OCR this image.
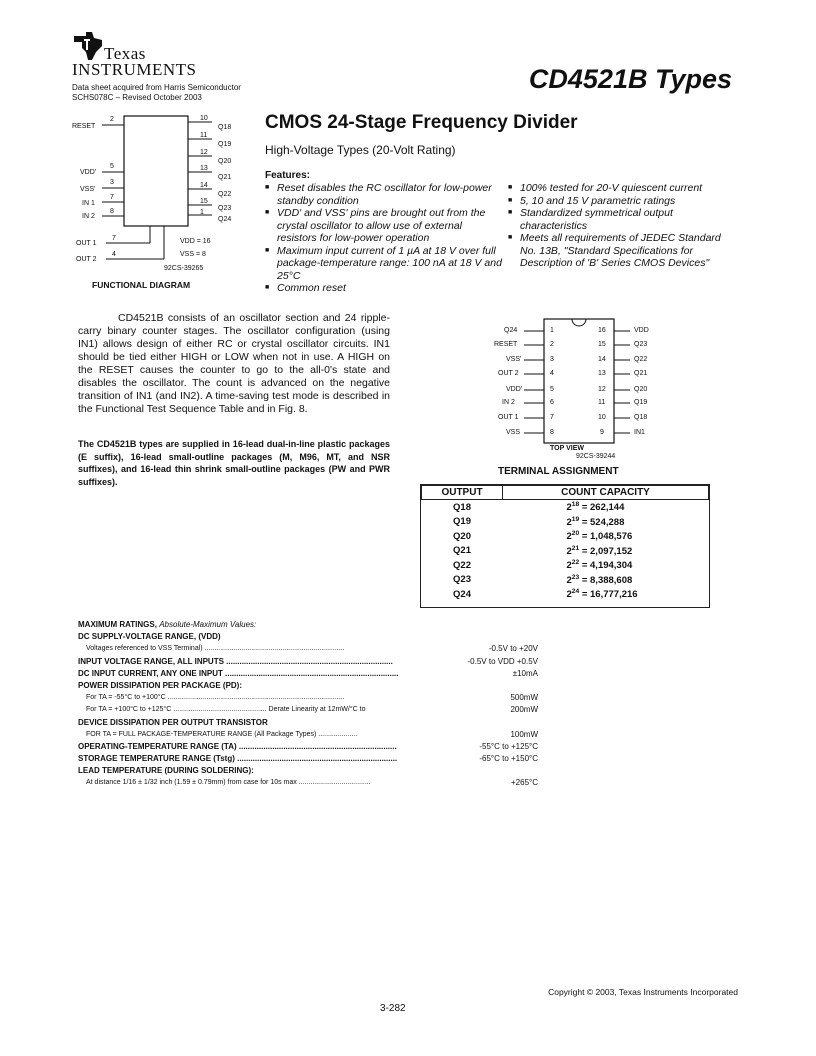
Texas
INSTRUMENTS
Data sheet acquired from Harris Semiconductor
SCHS078C – Revised October 2003
CD4521B Types
RESET
2
VDD'
5
VSS'
3
IN 1
7
IN 2
8
10
Q18
11
Q19
12
Q20
13
Q21
14
Q22
15
Q23
1
Q24
OUT 1
7
OUT 2
4
VDD = 16
VSS = 8
92CS-39265
FUNCTIONAL DIAGRAM
CMOS 24-Stage Frequency Divider
High-Voltage Types (20-Volt Rating)
Features:
■ Reset disables the RC oscillator for low-power standby condition
■ VDD' and VSS' pins are brought out from the crystal oscillator to allow use of external resistors for low-power operation
■ Maximum input current of 1 µA at 18 V over full package-temperature range: 100 nA at 18 V and 25°C
■ Common reset
■ 100% tested for 20-V quiescent current
■ 5, 10 and 15 V parametric ratings
■ Standardized symmetrical output characteristics
■ Meets all requirements of JEDEC Standard No. 13B, "Standard Specifications for Description of 'B' Series CMOS Devices"
CD4521B consists of an oscillator section and 24 ripple-carry binary counter stages. The oscillator configuration (using IN1) allows design of either RC or crystal oscillator circuits. IN1 should be tied either HIGH or LOW when not in use. A HIGH on the RESET causes the counter to go to the all-0's state and disables the oscillator. The count is advanced on the negative transition of IN1 (and IN2). A time-saving test mode is described in the Functional Test Sequence Table and in Fig. 8.
The CD4521B types are supplied in 16-lead dual-in-line plastic packages (E suffix), 16-lead small-outline packages (M, M96, MT, and NSR suffixes), and 16-lead thin shrink small-outline packages (PW and PWR suffixes).
Q24	1
RESET	2
VSS'	3
OUT 2	4
VDD'	5
IN 2	6
OUT 1	7
VSS	8
16	VDD
15	Q23
14	Q22
13	Q21
12	Q20
11	Q19
10	Q18
9	IN1
TOP VIEW
92CS-39244
TERMINAL ASSIGNMENT
OUTPUT	COUNT CAPACITY
Q18	$2^{18} = 262,144$
Q19	$2^{19} = 524,288$
Q20	$2^{20} = 1,048,576$
Q21	$2^{21} = 2,097,152$
Q22	$2^{22} = 4,194,304$
Q23	$2^{23} = 8,388,608$
Q24	$2^{24} = 16,777,216$
MAXIMUM RATINGS, Absolute-Maximum Values:
DC SUPPLY-VOLTAGE RANGE, (VDD)
Voltages referenced to VSS Terminal) ........................................................................	-0.5V to +20V
INPUT VOLTAGE RANGE, ALL INPUTS ...........................................................................	-0.5V to VDD +0.5V
DC INPUT CURRENT, ANY ONE INPUT ..............................................................................	±10mA
POWER DISSIPATION PER PACKAGE (PD):
For TA = -55°C to +100°C ...........................................................................................	500mW
For TA = +100°C to +125°C ................................................ Derate Linearity at 12mW/°C to	200mW
DEVICE DISSIPATION PER OUTPUT TRANSISTOR
FOR TA = FULL PACKAGE-TEMPERATURE RANGE (All Package Types) ....................	100mW
OPERATING-TEMPERATURE RANGE (TA) .......................................................................	-55°C to +125°C
STORAGE TEMPERATURE RANGE (Tstg) ........................................................................	-65°C to +150°C
LEAD TEMPERATURE (DURING SOLDERING):
At distance 1/16 ± 1/32 inch (1.59 ± 0.79mm) from case for 10s max .....................................	+265°C
Copyright © 2003, Texas Instruments Incorporated
3-282
